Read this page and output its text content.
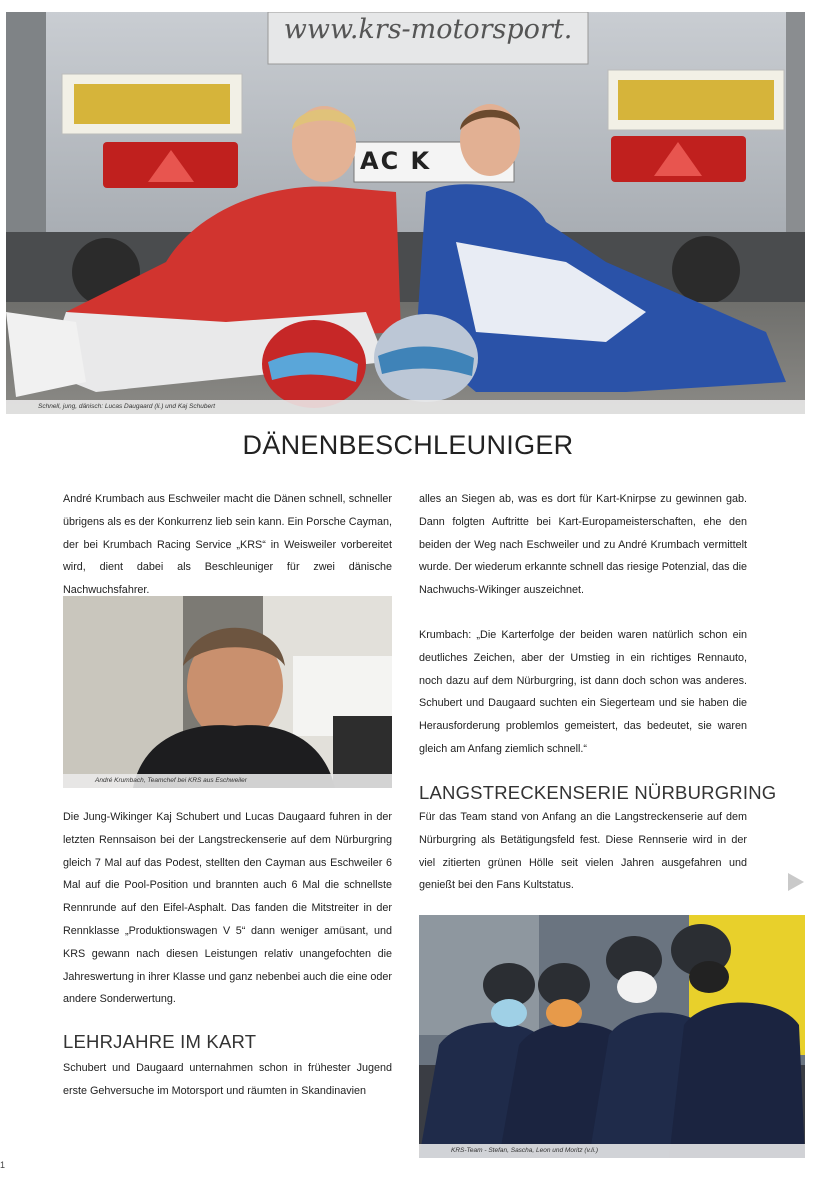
Schnell, jung, dänisch: Lucas Daugaard (li.) und Kaj Schubert
www.krs-motorsport.
AC K
DÄNENBESCHLEUNIGER

André Krumbach aus Eschweiler macht die Dänen schnell, schneller übrigens als es der Konkurrenz lieb sein kann. Ein Porsche Cayman, der bei Krumbach Racing Service „KRS“ in Weisweiler vorbereitet wird, dient dabei als Beschleuniger für zwei dänische Nachwuchsfahrer.

André Krumbach, Teamchef bei KRS aus Eschweiler

Die Jung-Wikinger Kaj Schubert und Lucas Daugaard fuhren in der letzten Rennsaison bei der Langstreckenserie auf dem Nürburgring gleich 7 Mal auf das Podest, stellten den Cayman aus Eschweiler 6 Mal auf die Pool-Position und brannten auch 6 Mal die schnellste Rennrunde auf den Eifel-Asphalt. Das fanden die Mitstreiter in der Rennklasse „Produktionswagen V 5“ dann weniger amüsant, und KRS gewann nach diesen Leistungen relativ unangefochten die Jahreswertung in ihrer Klasse und ganz nebenbei auch die eine oder andere Sonderwertung.

LEHRJAHRE IM KART

Schubert und Daugaard unternahmen schon in frühester Jugend erste Gehversuche im Motorsport und räumten in Skandinavien

alles an Siegen ab, was es dort für Kart-Knirpse zu gewinnen gab. Dann folgten Auftritte bei Kart-Europameisterschaften, ehe den beiden der Weg nach Eschweiler und zu André Krumbach vermittelt wurde. Der wiederum erkannte schnell das riesige Potenzial, das die Nachwuchs-Wikinger auszeichnet.

Krumbach: „Die Karterfolge der beiden waren natürlich schon ein deutliches Zeichen, aber der Umstieg in ein richtiges Rennauto, noch dazu auf dem Nürburgring, ist dann doch schon was anderes. Schubert und Daugaard suchten ein Siegerteam und sie haben die Herausforderung problemlos gemeistert, das bedeutet, sie waren gleich am Anfang ziemlich schnell.“

LANGSTRECKENSERIE NÜRBURGRING

Für das Team stand von Anfang an die Langstreckenserie auf dem Nürburgring als Betätigungsfeld fest. Diese Rennserie wird in der viel zitierten grünen Hölle seit vielen Jahren ausgefahren und genießt bei den Fans Kultstatus.

KRS-Team - Stefan, Sascha, Leon und Moritz (v.li.)
1
